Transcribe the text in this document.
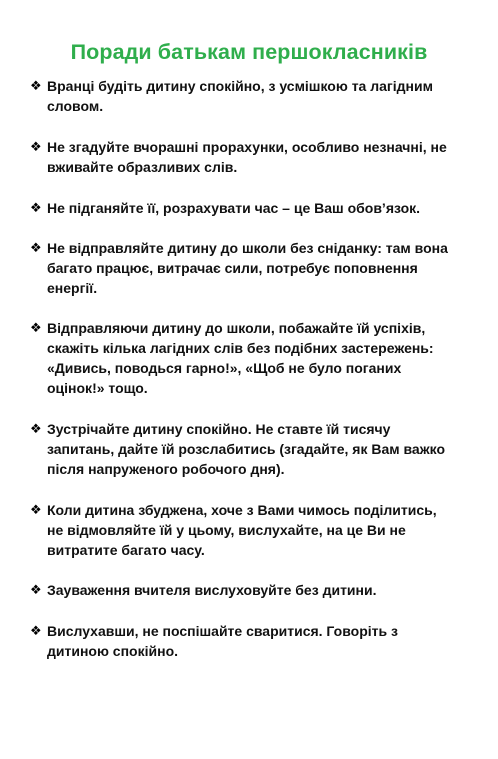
Поради батькам першокласників
❖ Вранці будіть дитину спокійно, з усмішкою та лагідним
словом.
❖ Не згадуйте вчорашні прорахунки, особливо незначні, не
вживайте образливих слів.
❖ Не підганяйте її, розрахувати час – це Ваш обов’язок.
❖ Не відправляйте дитину до школи без сніданку: там вона
багато працює, витрачає сили, потребує поповнення
енергії.
❖ Відправляючи дитину до школи, побажайте їй успіхів,
скажіть кілька лагідних слів без подібних застережень:
«Дивись, поводься гарно!», «Щоб не було поганих
оцінок!» тощо.
❖ Зустрічайте дитину спокійно. Не ставте їй тисячу
запитань, дайте їй розслабитись (згадайте, як Вам важко
після напруженого робочого дня).
❖ Коли дитина збуджена, хоче з Вами чимось поділитись,
не відмовляйте їй у цьому, вислухайте, на це Ви не
витратите багато часу.
❖ Зауваження вчителя вислуховуйте без дитини.
❖ Вислухавши, не поспішайте сваритися. Говоріть з
дитиною спокійно.
